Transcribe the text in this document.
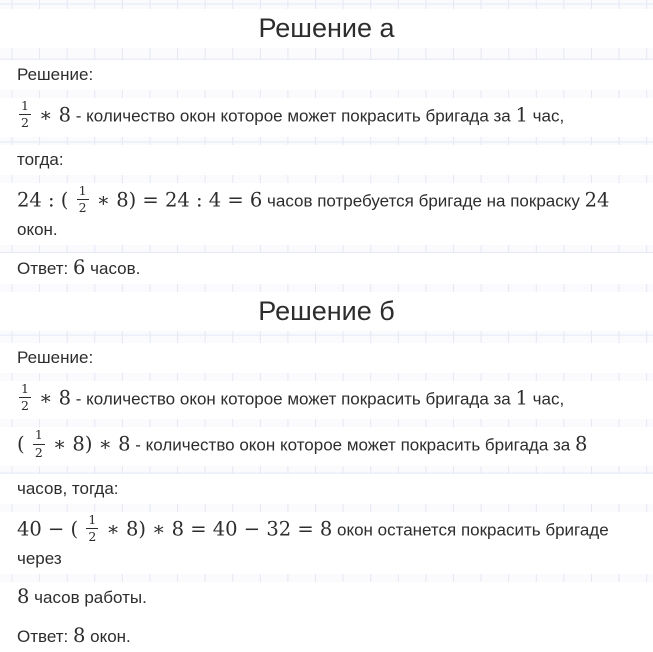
Решение а
Решение:
$\frac{1}{2}$ ∗ 8 - количество окон которое может покрасить бригада за 1 час,
тогда:
24 : ( $\frac{1}{2}$ ∗ 8) = 24 : 4 = 6 часов потребуется бригаде на покраску 24 окон.
Ответ: 6 часов.
Решение б
Решение:
$\frac{1}{2}$ ∗ 8 - количество окон которое может покрасить бригада за 1 час,
( $\frac{1}{2}$ ∗ 8) ∗ 8 - количество окон которое может покрасить бригада за 8
часов, тогда:
40 − ( $\frac{1}{2}$ ∗ 8) ∗ 8 = 40 − 32 = 8 окон останется покрасить бригаде через
8 часов работы.
Ответ: 8 окон.
